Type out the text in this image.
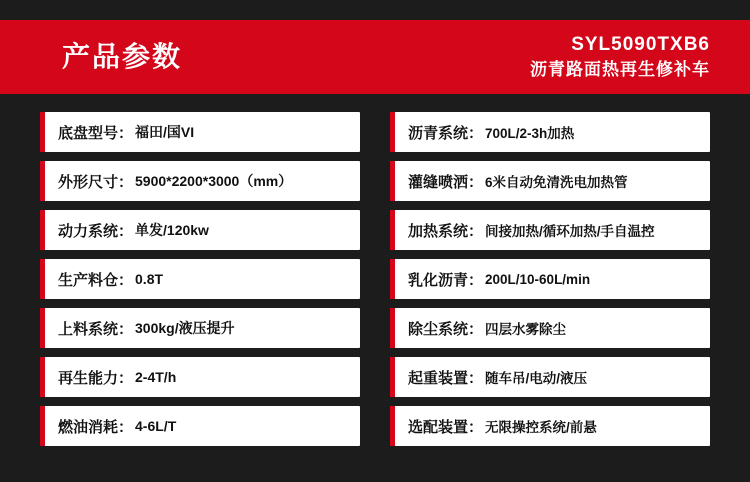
产品参数	SYL5090TXB6
沥青路面热再生修补车
底盘型号： 福田/国VI
外形尺寸： 5900*2200*3000（mm）
动力系统： 单发/120kw
生产料仓： 0.8T
上料系统： 300kg/液压提升
再生能力： 2-4T/h
燃油消耗： 4-6L/T
沥青系统： 700L/2-3h加热
灌缝喷洒： 6米自动免清洗电加热管
加热系统： 间接加热/循环加热/手自温控
乳化沥青： 200L/10-60L/min
除尘系统： 四层水雾除尘
起重装置： 随车吊/电动/液压
选配装置： 无限操控系统/前悬
